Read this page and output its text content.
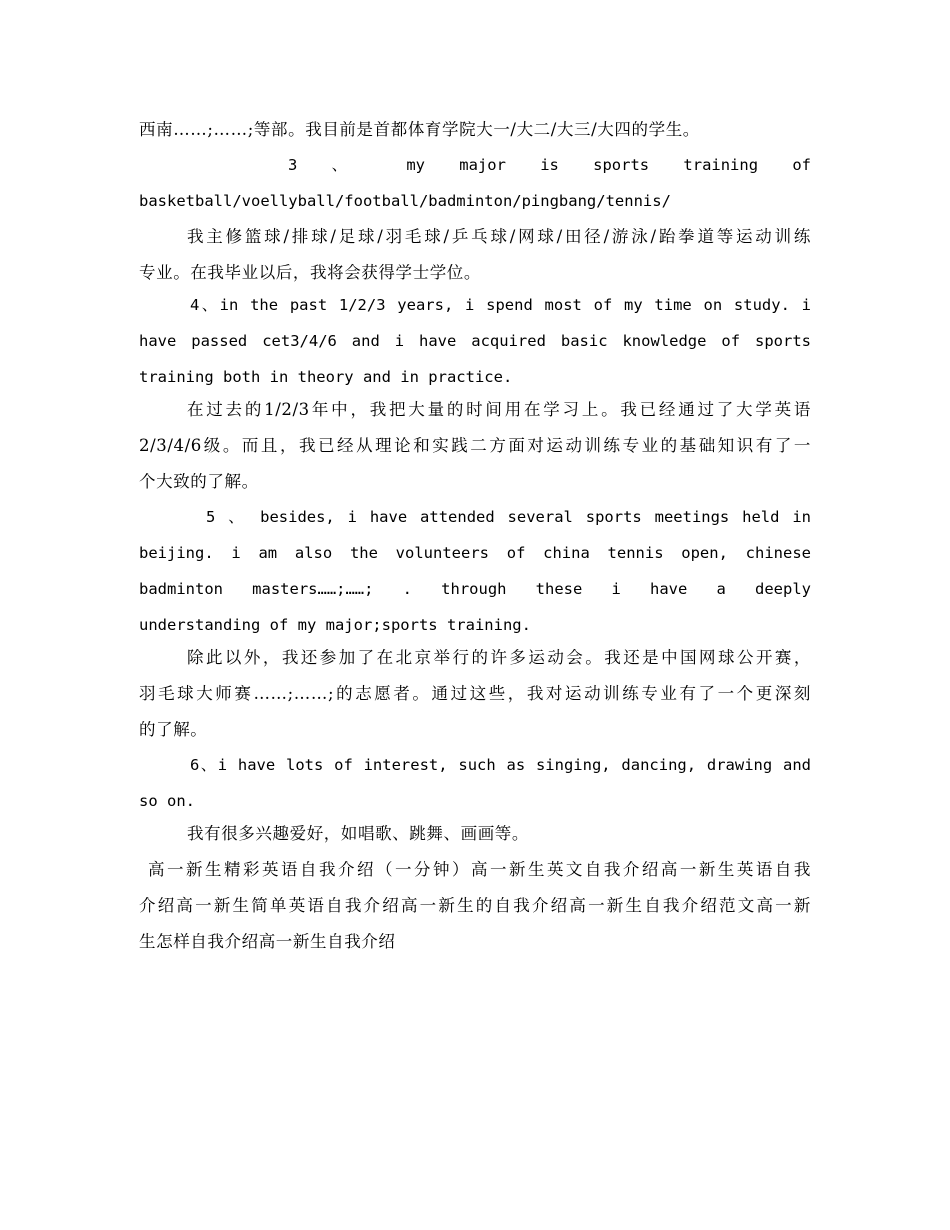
西南……;……;等部。我目前是首都体育学院大一/大二/大三/大四的学生。
3 、 my major is sports training of
basketball/voellyball/football/badminton/pingbang/tennis/
我主修篮球/排球/足球/羽毛球/乒乓球/网球/田径/游泳/跆拳道等运动训练
专业。在我毕业以后，我将会获得学士学位。
4、in the past 1/2/3 years, i spend most of my time on study. i
have passed cet3/4/6 and i have acquired basic knowledge of sports
training both in theory and in practice.
在过去的1/2/3年中，我把大量的时间用在学习上。我已经通过了大学英语
2/3/4/6级。而且，我已经从理论和实践二方面对运动训练专业的基础知识有了一
个大致的了解。
5 、 besides, i have attended several sports meetings held in
beijing. i am also the volunteers of china tennis open, chinese
badminton masters……;……; . through these i have a deeply
understanding of my major;sports training.
除此以外，我还参加了在北京举行的许多运动会。我还是中国网球公开赛，
羽毛球大师赛……;……;的志愿者。通过这些，我对运动训练专业有了一个更深刻
的了解。
6、i have lots of interest, such as singing, dancing, drawing and
so on.
我有很多兴趣爱好，如唱歌、跳舞、画画等。
高一新生精彩英语自我介绍（一分钟）高一新生英文自我介绍高一新生英语自我
介绍高一新生简单英语自我介绍高一新生的自我介绍高一新生自我介绍范文高一新
生怎样自我介绍高一新生自我介绍
